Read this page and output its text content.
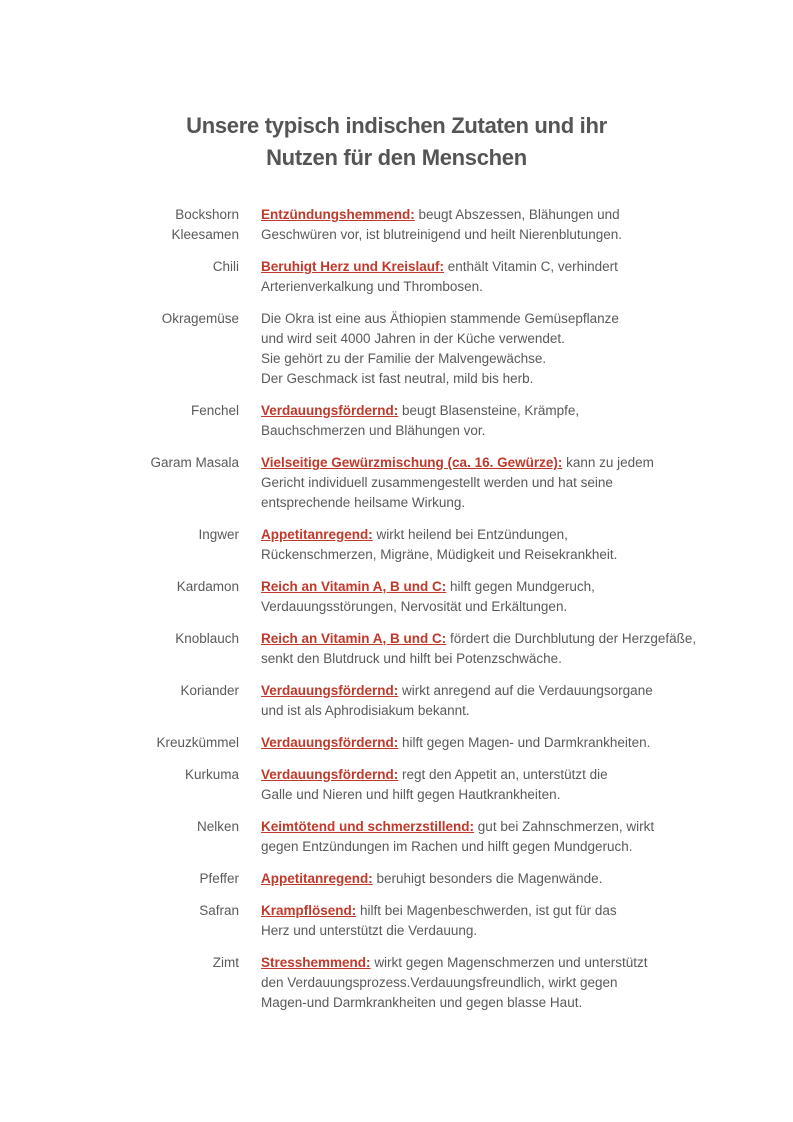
Unsere typisch indischen Zutaten und ihr
Nutzen für den Menschen
Bockshorn
Kleesamen
Entzündungshemmend: beugt Abszessen, Blähungen und
Geschwüren vor, ist blutreinigend und heilt Nierenblutungen.
Chili Beruhigt Herz und Kreislauf: enthält Vitamin C, verhindert
Arterienverkalkung und Thrombosen.
Okragemüse Die Okra ist eine aus Äthiopien stammende Gemüsepflanze
und wird seit 4000 Jahren in der Küche verwendet.
Sie gehört zu der Familie der Malvengewächse.
Der Geschmack ist fast neutral, mild bis herb.
Fenchel Verdauungsfördernd: beugt Blasensteine, Krämpfe,
Bauchschmerzen und Blähungen vor.
Garam Masala Vielseitige Gewürzmischung (ca. 16. Gewürze): kann zu jedem
Gericht individuell zusammengestellt werden und hat seine
entsprechende heilsame Wirkung.
Ingwer Appetitanregend: wirkt heilend bei Entzündungen,
Rückenschmerzen, Migräne, Müdigkeit und Reisekrankheit.
Kardamon Reich an Vitamin A, B und C: hilft gegen Mundgeruch,
Verdauungsstörungen, Nervosität und Erkältungen.
Knoblauch Reich an Vitamin A, B und C: fördert die Durchblutung der Herzgefäße,
senkt den Blutdruck und hilft bei Potenzschwäche.
Koriander Verdauungsfördernd: wirkt anregend auf die Verdauungsorgane
und ist als Aphrodisiakum bekannt.
Kreuzkümmel Verdauungsfördernd: hilft gegen Magen- und Darmkrankheiten.
Kurkuma Verdauungsfördernd: regt den Appetit an, unterstützt die
Galle und Nieren und hilft gegen Hautkrankheiten.
Nelken Keimtötend und schmerzstillend: gut bei Zahnschmerzen, wirkt
gegen Entzündungen im Rachen und hilft gegen Mundgeruch.
Pfeffer Appetitanregend: beruhigt besonders die Magenwände.
Safran Krampflösend: hilft bei Magenbeschwerden, ist gut für das
Herz und unterstützt die Verdauung.
Zimt Stresshemmend: wirkt gegen Magenschmerzen und unterstützt
den Verdauungsprozess.Verdauungsfreundlich, wirkt gegen
Magen-und Darmkrankheiten und gegen blasse Haut.
